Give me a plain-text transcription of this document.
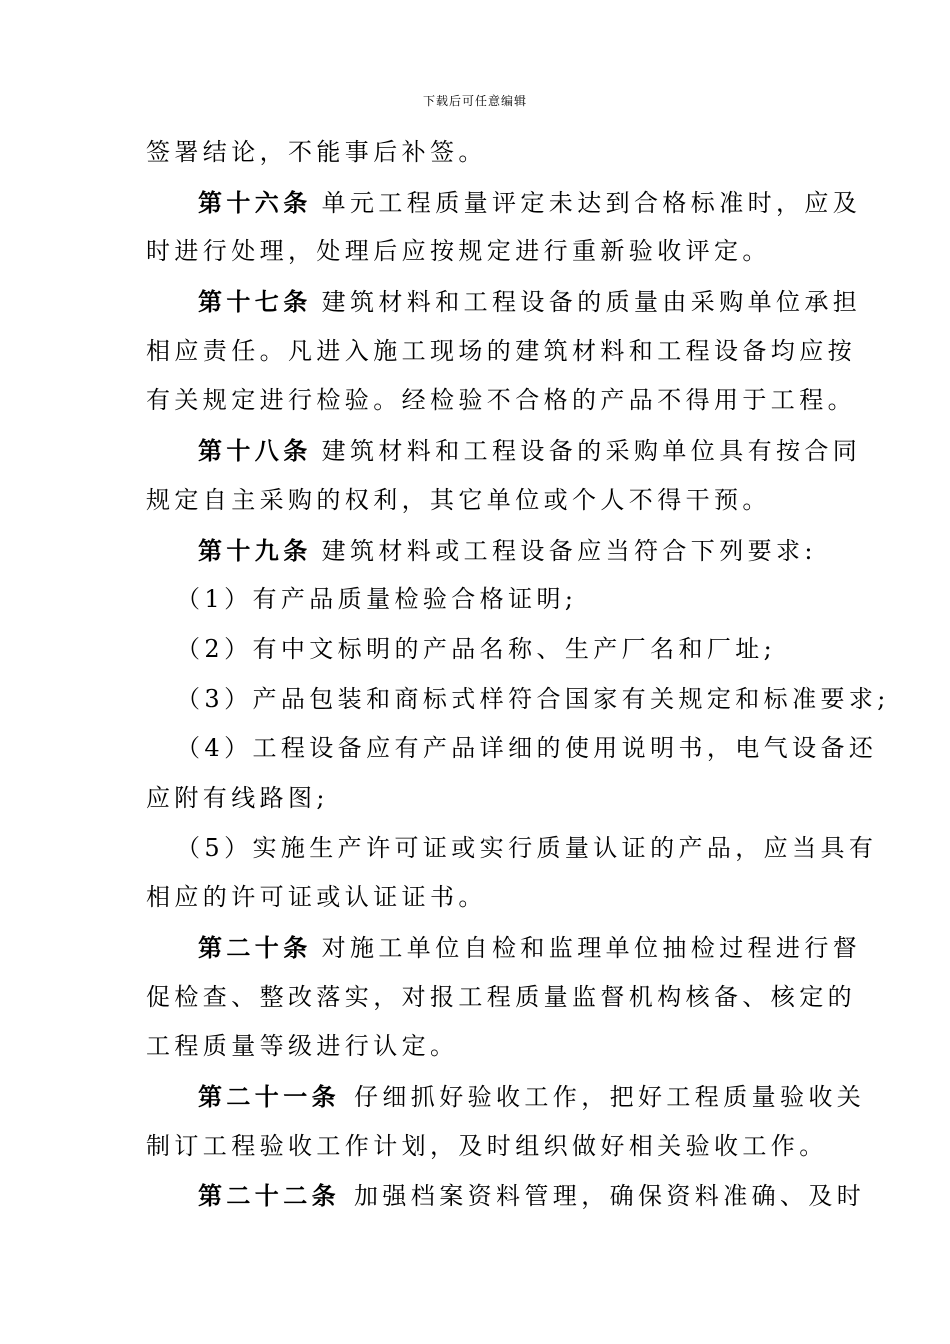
下载后可任意编辑
签署结论，不能事后补签。
第十六条 单元工程质量评定未达到合格标准时，应及
时进行处理，处理后应按规定进行重新验收评定。
第十七条 建筑材料和工程设备的质量由采购单位承担
相应责任。凡进入施工现场的建筑材料和工程设备均应按
有关规定进行检验。经检验不合格的产品不得用于工程。
第十八条 建筑材料和工程设备的采购单位具有按合同
规定自主采购的权利，其它单位或个人不得干预。
第十九条 建筑材料或工程设备应当符合下列要求:
（1）有产品质量检验合格证明;
（2）有中文标明的产品名称、生产厂名和厂址;
（3）产品包装和商标式样符合国家有关规定和标准要求;
（4）工程设备应有产品详细的使用说明书，电气设备还
应附有线路图;
（5）实施生产许可证或实行质量认证的产品，应当具有
相应的许可证或认证证书。
第二十条 对施工单位自检和监理单位抽检过程进行督
促检查、整改落实，对报工程质量监督机构核备、核定的
工程质量等级进行认定。
第二十一条 仔细抓好验收工作，把好工程质量验收关
制订工程验收工作计划，及时组织做好相关验收工作。
第二十二条 加强档案资料管理，确保资料准确、及时
